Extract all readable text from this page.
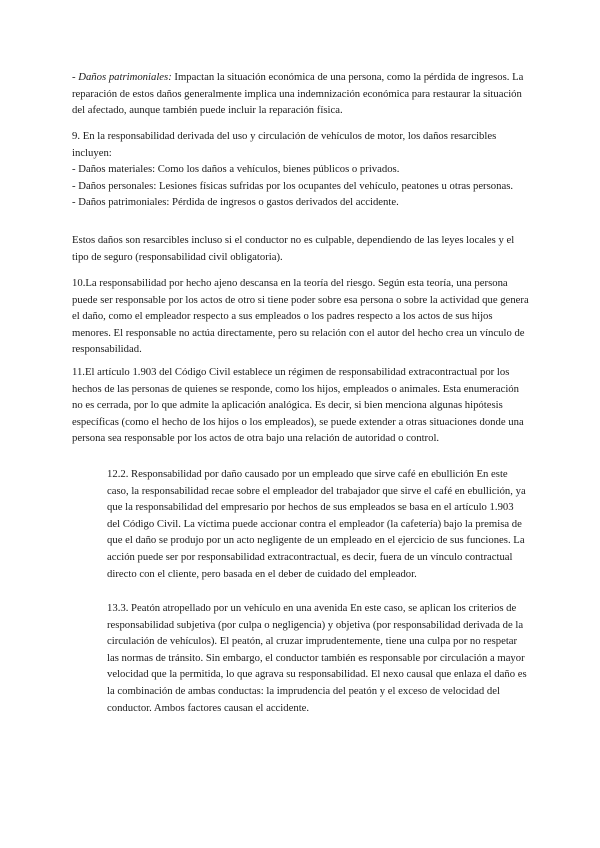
- Daños patrimoniales: Impactan la situación económica de una persona, como la pérdida de ingresos. La reparación de estos daños generalmente implica una indemnización económica para restaurar la situación del afectado, aunque también puede incluir la reparación física.

9. En la responsabilidad derivada del uso y circulación de vehículos de motor, los daños resarcibles incluyen:
- Daños materiales: Como los daños a vehículos, bienes públicos o privados.
- Daños personales: Lesiones físicas sufridas por los ocupantes del vehículo, peatones u otras personas.
- Daños patrimoniales: Pérdida de ingresos o gastos derivados del accidente.

Estos daños son resarcibles incluso si el conductor no es culpable, dependiendo de las leyes locales y el tipo de seguro (responsabilidad civil obligatoria).

10.La responsabilidad por hecho ajeno descansa en la teoría del riesgo. Según esta teoría, una persona puede ser responsable por los actos de otro si tiene poder sobre esa persona o sobre la actividad que genera el daño, como el empleador respecto a sus empleados o los padres respecto a los actos de sus hijos menores. El responsable no actúa directamente, pero su relación con el autor del hecho crea un vínculo de responsabilidad.

11.El artículo 1.903 del Código Civil establece un régimen de responsabilidad extracontractual por los hechos de las personas de quienes se responde, como los hijos, empleados o animales. Esta enumeración no es cerrada, por lo que admite la aplicación analógica. Es decir, si bien menciona algunas hipótesis específicas (como el hecho de los hijos o los empleados), se puede extender a otras situaciones donde una persona sea responsable por los actos de otra bajo una relación de autoridad o control.

12.2. Responsabilidad por daño causado por un empleado que sirve café en ebullición En este caso, la responsabilidad recae sobre el empleador del trabajador que sirve el café en ebullición, ya que la responsabilidad del empresario por hechos de sus empleados se basa en el artículo 1.903 del Código Civil. La víctima puede accionar contra el empleador (la cafetería) bajo la premisa de que el daño se produjo por un acto negligente de un empleado en el ejercicio de sus funciones. La acción puede ser por responsabilidad extracontractual, es decir, fuera de un vínculo contractual directo con el cliente, pero basada en el deber de cuidado del empleador.

13.3. Peatón atropellado por un vehículo en una avenida En este caso, se aplican los criterios de responsabilidad subjetiva (por culpa o negligencia) y objetiva (por responsabilidad derivada de la circulación de vehículos). El peatón, al cruzar imprudentemente, tiene una culpa por no respetar las normas de tránsito. Sin embargo, el conductor también es responsable por circulación a mayor velocidad que la permitida, lo que agrava su responsabilidad. El nexo causal que enlaza el daño es la combinación de ambas conductas: la imprudencia del peatón y el exceso de velocidad del conductor. Ambos factores causan el accidente.
